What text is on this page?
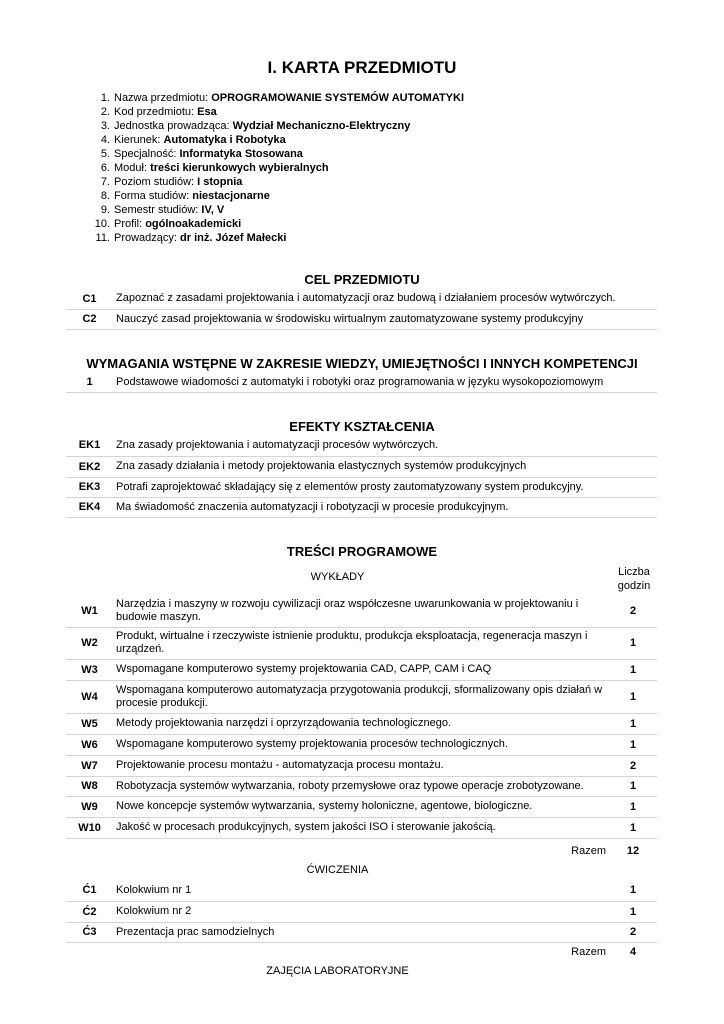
I. KARTA PRZEDMIOTU
1. Nazwa przedmiotu: OPROGRAMOWANIE SYSTEMÓW AUTOMATYKI
2. Kod przedmiotu: Esa
3. Jednostka prowadząca: Wydział Mechaniczno-Elektryczny
4. Kierunek: Automatyka i Robotyka
5. Specjalność: Informatyka Stosowana
6. Moduł: treści kierunkowych wybieralnych
7. Poziom studiów: I stopnia
8. Forma studiów: niestacjonarne
9. Semestr studiów: IV, V
10. Profil: ogólnoakademicki
11. Prowadzący: dr inż. Józef Małecki
CEL PRZEDMIOTU
C1	Zapoznać z zasadami projektowania i automatyzacji oraz budową i działaniem procesów wytwórczych.
C2	Nauczyć zasad projektowania w środowisku wirtualnym zautomatyzowane systemy produkcyjny
WYMAGANIA WSTĘPNE W ZAKRESIE WIEDZY, UMIEJĘTNOŚCI I INNYCH KOMPETENCJI
1	Podstawowe wiadomości z automatyki i robotyki oraz programowania w języku wysokopoziomowym
EFEKTY KSZTAŁCENIA
EK1	Zna zasady projektowania i automatyzacji procesów wytwórczych.
EK2	Zna zasady działania i metody projektowania elastycznych systemów produkcyjnych
EK3	Potrafi zaprojektować składający się z elementów prosty zautomatyzowany system produkcyjny.
EK4	Ma świadomość znaczenia automatyzacji i robotyzacji w procesie produkcyjnym.
TREŚCI PROGRAMOWE
WYKŁADY	Liczba godzin
W1	Narzędzia i maszyny w rozwoju cywilizacji oraz współczesne uwarunkowania w projektowaniu i budowie maszyn.	2
W2	Produkt, wirtualne i rzeczywiste istnienie produktu, produkcja eksploatacja, regeneracja maszyn i urządzeń.	1
W3	Wspomagane komputerowo systemy projektowania CAD, CAPP, CAM i CAQ	1
W4	Wspomagana komputerowo automatyzacja przygotowania produkcji, sformalizowany opis działań w procesie produkcji.	1
W5	Metody projektowania narzędzi i oprzyrządowania technologicznego.	1
W6	Wspomagane komputerowo systemy projektowania procesów technologicznych.	1
W7	Projektowanie procesu montażu - automatyzacja procesu montażu.	2
W8	Robotyzacja systemów wytwarzania, roboty przemysłowe oraz typowe operacje zrobotyzowane.	1
W9	Nowe koncepcje systemów wytwarzania, systemy holoniczne, agentowe, biologiczne.	1
W10	Jakość w procesach produkcyjnych, system jakości ISO i sterowanie jakością.	1
Razem 12
ĆWICZENIA
Ć1	Kolokwium nr 1	1
Ć2	Kolokwium nr 2	1
Ć3	Prezentacja prac samodzielnych	2
Razem	4
ZAJĘCIA LABORATORYJNE
